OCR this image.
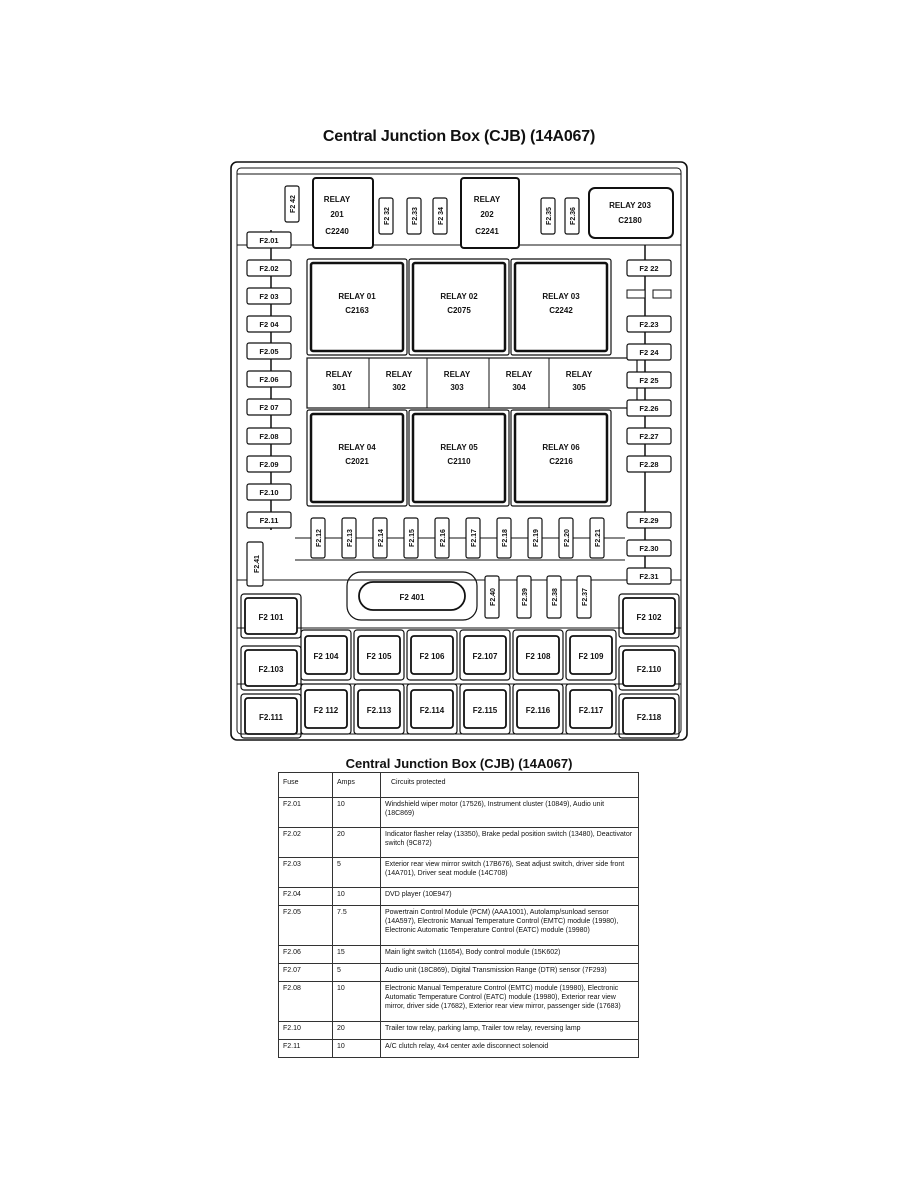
Central Junction Box (CJB) (14A067)
RELAY
201
C2240
RELAY
202
C2241
RELAY 203
C2180
F2 42
F2 32	F2.33	F2 34	F2.35 F2.36
RELAY 01
C2163
RELAY 02
C2075
RELAY 03
C2242
RELAY 04
C2021
RELAY 05
C2110
RELAY 06
C2216
RELAY
301
RELAY
302
RELAY
303
RELAY
304
RELAY
305
F2.01
F2.02
F2 03
F2 04
F2.05
F2.06
F2 07
F2.08
F2.09
F2.10
F2.11
F2 22
F2.23
F2 24
F2 25
F2.26
F2.27
F2.28
F2.29
F2.30
F2.31
F2.12	F2.13	F2.14	F2.15	F2.16	F2.17	F2.18	F2.19	F2.20	F2.21
F2.41
F2 401	F2.40	F2.39	F2.38	F2.37
F2 101
F2.103
F2.111
F2 102
F2.110
F2.118
F2 104	F2 105	F2 106	F2.107	F2 108	F2 109
F2 112	F2.113	F2.114	F2.115	F2.116	F2.117
Central Junction Box (CJB) (14A067)
Fuse	Amps	Circuits protected
F2.01	10	Windshield wiper motor (17526), Instrument cluster (10849), Audio unit (18C869)
F2.02	20	Indicator flasher relay (13350), Brake pedal position switch (13480), Deactivator switch (9C872)
F2.03	5	Exterior rear view mirror switch (17B676), Seat adjust switch, driver side front (14A701), Driver seat module (14C708)
F2.04	10	DVD player (10E947)
F2.05	7.5	Powertrain Control Module (PCM) (AAA1001), Autolamp/sunload sensor (14A597), Electronic Manual Temperature Control (EMTC) module (19980), Electronic Automatic Temperature Control (EATC) module (19980)
F2.06	15	Main light switch (11654), Body control module (15K602)
F2.07	5	Audio unit (18C869), Digital Transmission Range (DTR) sensor (7F293)
F2.08	10	Electronic Manual Temperature Control (EMTC) module (19980), Electronic Automatic Temperature Control (EATC) module (19980), Exterior rear view mirror, driver side (17682), Exterior rear view mirror, passenger side (17683)
F2.10	20	Trailer tow relay, parking lamp, Trailer tow relay, reversing lamp
F2.11	10	A/C clutch relay, 4x4 center axle disconnect solenoid
